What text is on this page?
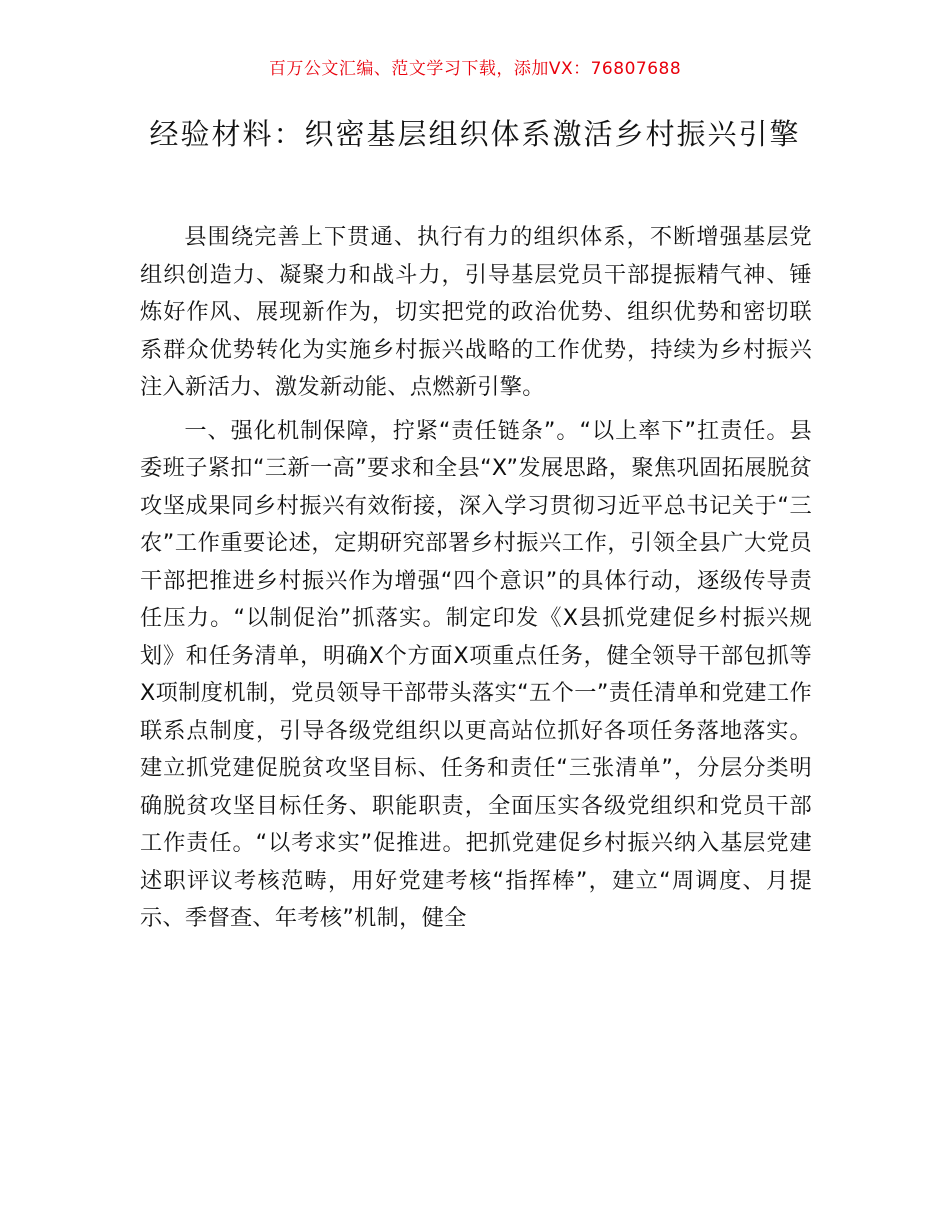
百万公文汇编、范文学习下载，添加VX：76807688
经验材料：织密基层组织体系激活乡村振兴引擎

县围绕完善上下贯通、执行有力的组织体系，不断增强基层党组织创造力、凝聚力和战斗力，引导基层党员干部提振精气神、锤炼好作风、展现新作为，切实把党的政治优势、组织优势和密切联系群众优势转化为实施乡村振兴战略的工作优势，持续为乡村振兴注入新活力、激发新动能、点燃新引擎。

一、强化机制保障，拧紧“责任链条”。“以上率下”扛责任。县委班子紧扣“三新一高”要求和全县“X”发展思路，聚焦巩固拓展脱贫攻坚成果同乡村振兴有效衔接，深入学习贯彻习近平总书记关于“三农”工作重要论述，定期研究部署乡村振兴工作，引领全县广大党员干部把推进乡村振兴作为增强“四个意识”的具体行动，逐级传导责任压力。“以制促治”抓落实。制定印发《X县抓党建促乡村振兴规划》和任务清单，明确X个方面X项重点任务，健全领导干部包抓等X项制度机制，党员领导干部带头落实“五个一”责任清单和党建工作联系点制度，引导各级党组织以更高站位抓好各项任务落地落实。建立抓党建促脱贫攻坚目标、任务和责任“三张清单”，分层分类明确脱贫攻坚目标任务、职能职责，全面压实各级党组织和党员干部工作责任。“以考求实”促推进。把抓党建促乡村振兴纳入基层党建述职评议考核范畴，用好党建考核“指挥棒”，建立“周调度、月提示、季督查、年考核”机制，健全
